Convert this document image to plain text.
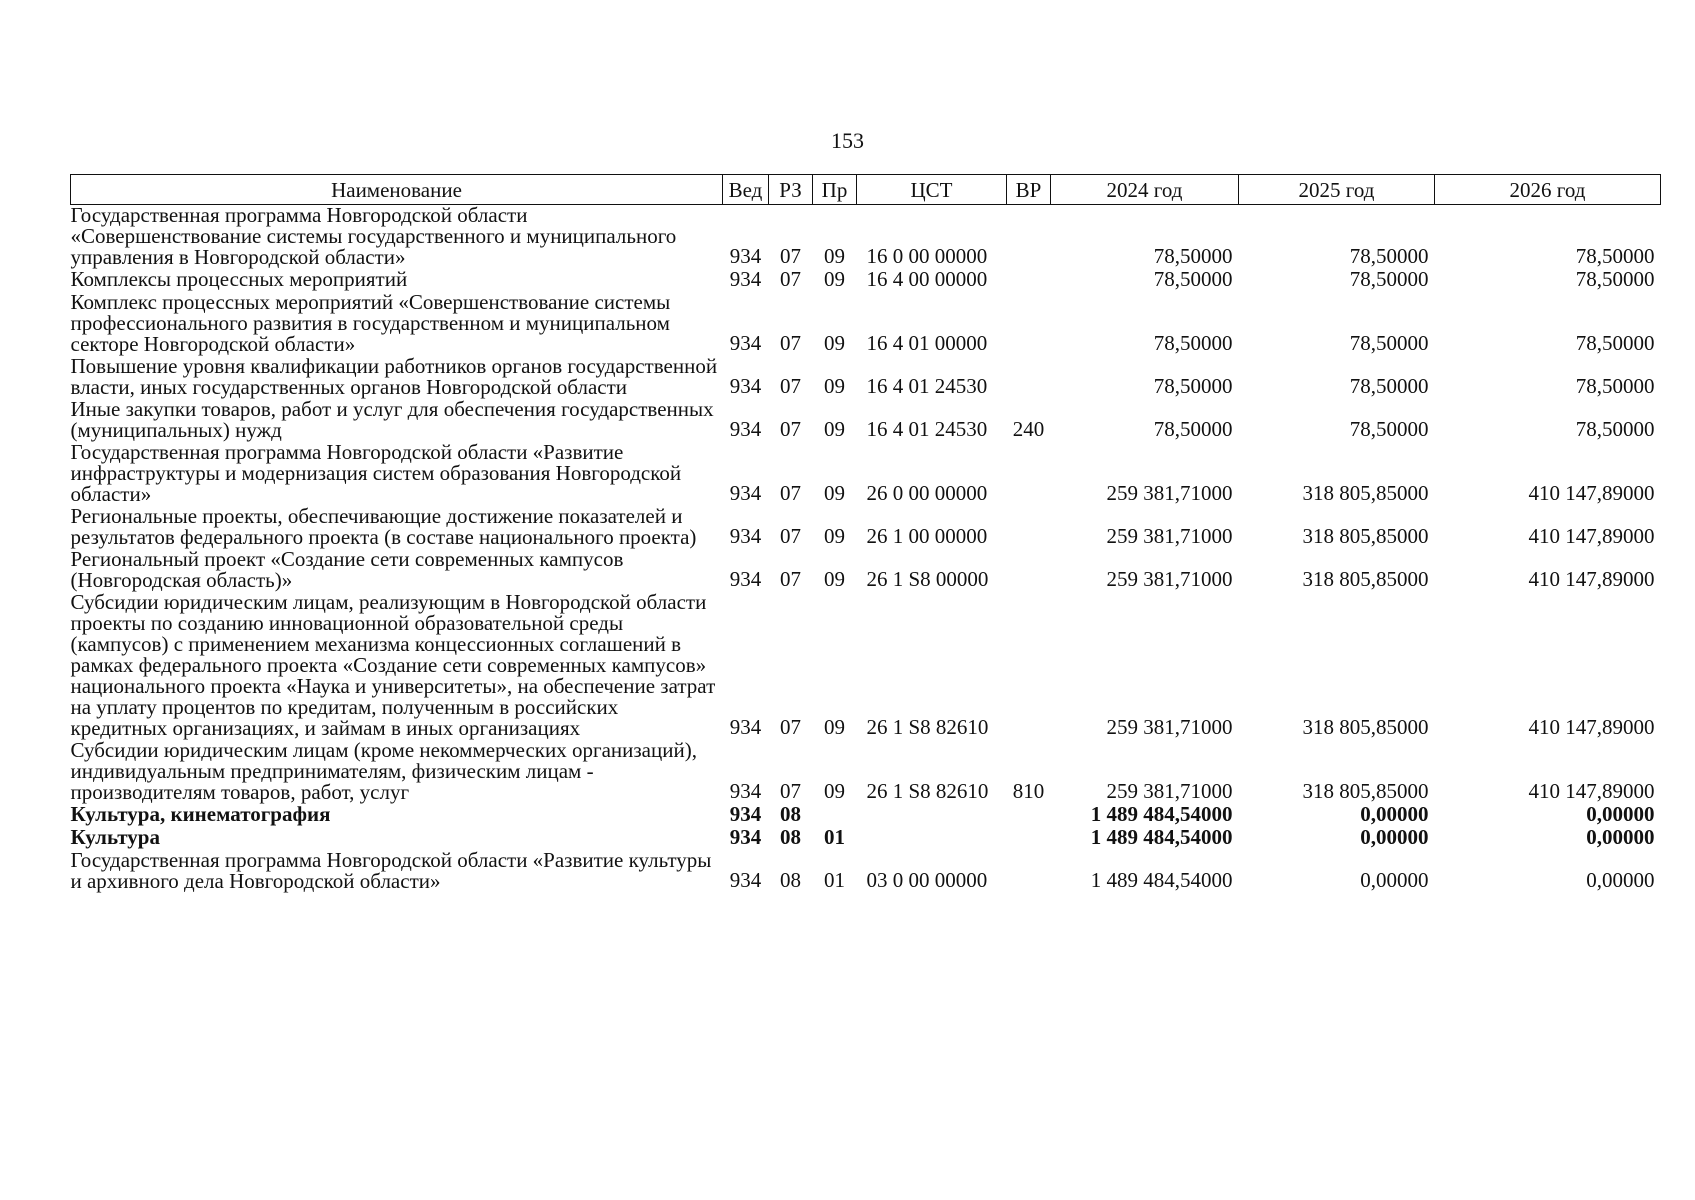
153
Наименование	Вед	РЗ	Пр	ЦСТ	ВР	2024 год	2025 год	2026 год
Государственная программа Новгородской области «Совершенствование системы государственного и муниципального управления в Новгородской области»	934	07	09	16 0 00 00000		78,50000	78,50000	78,50000
Комплексы процессных мероприятий	934	07	09	16 4 00 00000		78,50000	78,50000	78,50000
Комплекс процессных мероприятий «Совершенствование системы профессионального развития в государственном и муниципальном секторе Новгородской области»	934	07	09	16 4 01 00000		78,50000	78,50000	78,50000
Повышение уровня квалификации работников органов государственной власти, иных государственных органов Новгородской области	934	07	09	16 4 01 24530		78,50000	78,50000	78,50000
Иные закупки товаров, работ и услуг для обеспечения государственных (муниципальных) нужд	934	07	09	16 4 01 24530	240	78,50000	78,50000	78,50000
Государственная программа Новгородской области «Развитие инфраструктуры и модернизация систем образования Новгородской области»	934	07	09	26 0 00 00000		259 381,71000	318 805,85000	410 147,89000
Региональные проекты, обеспечивающие достижение показателей и результатов федерального проекта (в составе национального проекта)	934	07	09	26 1 00 00000		259 381,71000	318 805,85000	410 147,89000
Региональный проект «Создание сети современных кампусов (Новгородская область)»	934	07	09	26 1 S8 00000		259 381,71000	318 805,85000	410 147,89000
Субсидии юридическим лицам, реализующим в Новгородской области проекты по созданию инновационной образовательной среды (кампусов) с применением механизма концессионных соглашений в рамках федерального проекта «Создание сети современных кампусов» национального проекта «Наука и университеты», на обеспечение затрат на уплату процентов по кредитам, полученным в российских кредитных организациях, и займам в иных организациях	934	07	09	26 1 S8 82610		259 381,71000	318 805,85000	410 147,89000
Субсидии юридическим лицам (кроме некоммерческих организаций), индивидуальным предпринимателям, физическим лицам - производителям товаров, работ, услуг	934	07	09	26 1 S8 82610	810	259 381,71000	318 805,85000	410 147,89000
Культура, кинематография	934	08				1 489 484,54000	0,00000	0,00000
Культура	934	08	01			1 489 484,54000	0,00000	0,00000
Государственная программа Новгородской области «Развитие культуры и архивного дела Новгородской области»	934	08	01	03 0 00 00000		1 489 484,54000	0,00000	0,00000
